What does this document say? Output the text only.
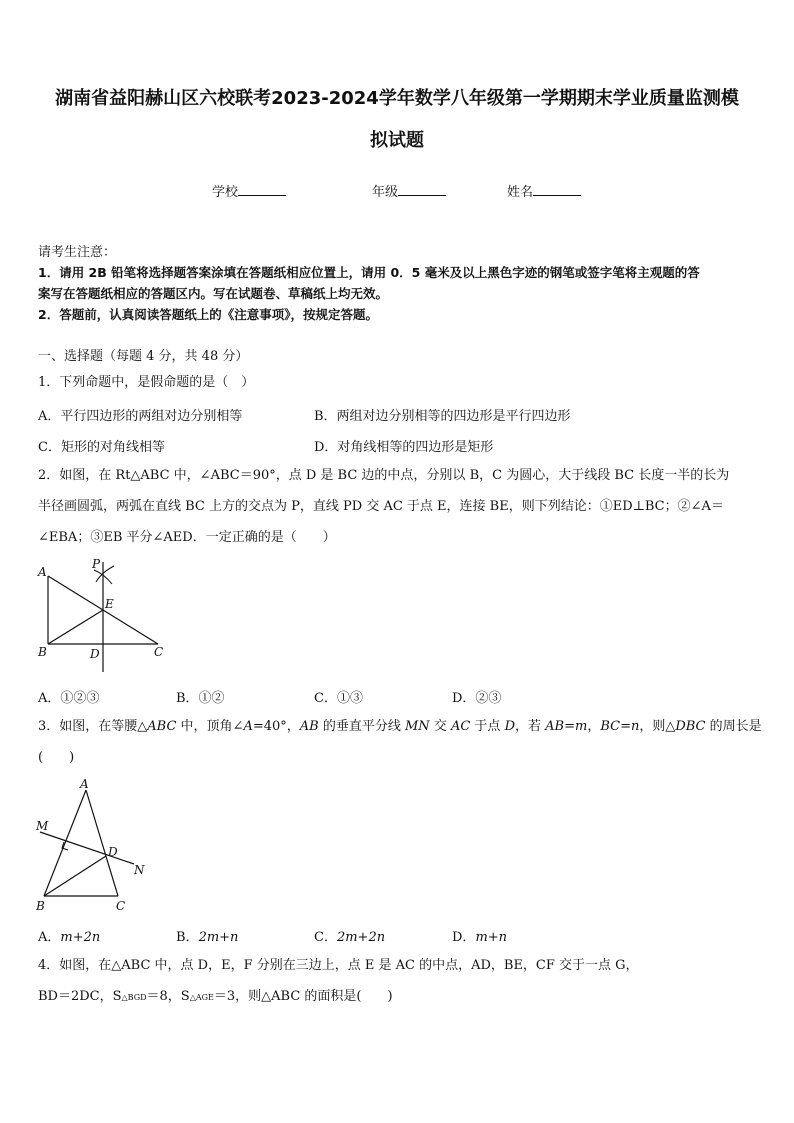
湖南省益阳赫山区六校联考2023-2024学年数学八年级第一学期期末学业质量监测模
拟试题
学校	年级	姓名
请考生注意：
1．请用 2B 铅笔将选择题答案涂填在答题纸相应位置上，请用 0．5 毫米及以上黑色字迹的钢笔或签字笔将主观题的答
案写在答题纸相应的答题区内。写在试题卷、草稿纸上均无效。
2．答题前，认真阅读答题纸上的《注意事项》，按规定答题。
一、选择题（每题 4 分，共 48 分）
1．下列命题中，是假命题的是（　）
A．平行四边形的两组对边分别相等	B．两组对边分别相等的四边形是平行四边形
C．矩形的对角线相等	D．对角线相等的四边形是矩形
2．如图，在 Rt△ABC 中，∠ABC＝90°，点 D 是 BC 边的中点，分别以 B，C 为圆心，大于线段 BC 长度一半的长为
半径画圆弧，两弧在直线 BC 上方的交点为 P，直线 PD 交 AC 于点 E，连接 BE，则下列结论：①ED⊥BC；②∠A＝
∠EBA；③EB 平分∠AED．一定正确的是（　　）
A
P
E
B	D	C
A．①②③	B．①②	C．①③	D．②③
3．如图，在等腰△ABC 中，顶角∠A=40°，AB 的垂直平分线 MN 交 AC 于点 D，若 AB=m，BC=n，则△DBC 的周长是
(　　)
A
M
D
N
B	C
A．m+2n	B．2m+n	C．2m+2n	D．m+n
4．如图，在△ABC 中，点 D，E，F 分别在三边上，点 E 是 AC 的中点，AD，BE，CF 交于一点 G，
BD＝2DC，S△BGD＝8，S△AGE＝3，则△ABC 的面积是(　　)
